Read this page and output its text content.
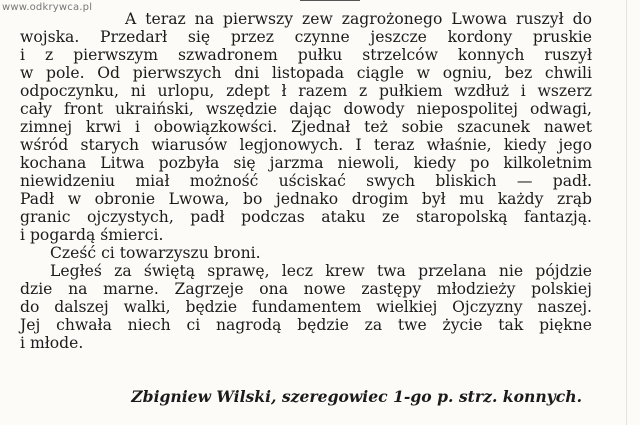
www.odkrywca.pl
A teraz na pierwszy zew zagrożonego Lwowa ruszył do
wojska. Przedarł się przez czynne jeszcze kordony pruskie
i z pierwszym szwadronem pułku strzelców konnych ruszył
w pole. Od pierwszych dni listopada ciągle w ogniu, bez chwili
odpoczynku, ni urlopu, zdept ł razem z pułkiem wzdłuż i wszerz
cały front ukraiński, wszędzie dając dowody niepospolitej odwagi,
zimnej krwi i obowiązkowści. Zjednał też sobie szacunek nawet
wśród starych wiarusów legjonowych. I teraz właśnie, kiedy jego
kochana Litwa pozbyła się jarzma niewoli, kiedy po kilkoletnim
niewidzeniu miał możność uściskać swych bliskich — padł.
Padł w obronie Lwowa, bo jednako drogim był mu każdy zrąb
granic ojczystych, padł podczas ataku ze staropolską fantazją.
i pogardą śmierci.
Cześć ci towarzyszu broni.
Ległeś za świętą sprawę, lecz krew twa przelana nie pójdzie
dzie na marne. Zagrzeje ona nowe zastępy młodzieży polskiej
do dalszej walki, będzie fundamentem wielkiej Ojczyzny naszej.
Jej chwała niech ci nagrodą będzie za twe życie tak piękne
i młode.
Zbigniew Wilski, szeregowiec 1-go p. strz. konnych.
